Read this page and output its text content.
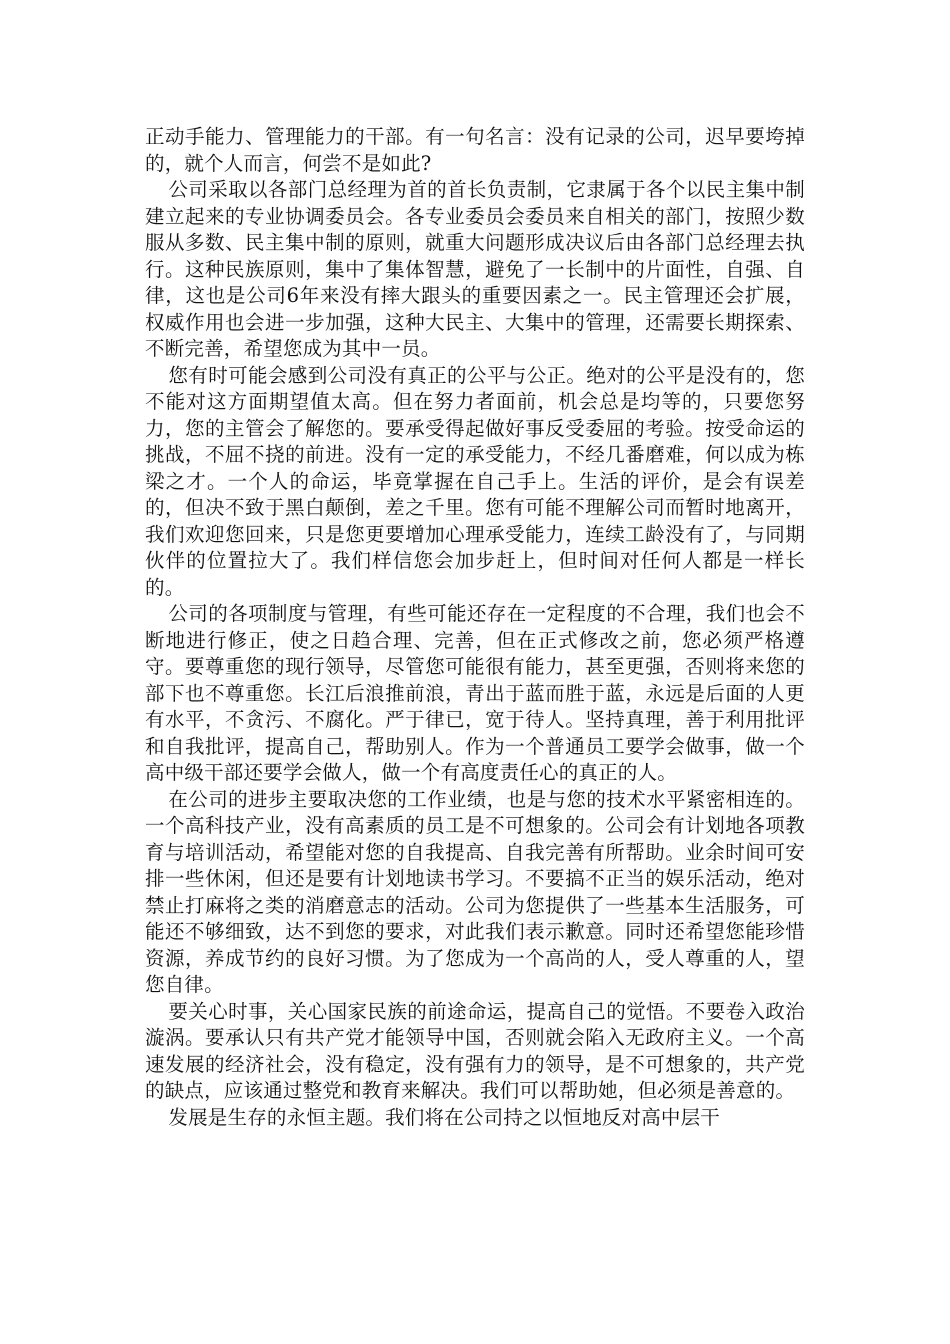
正动手能力、管理能力的干部。有一句名言：没有记录的公司，迟早要垮掉的，就个人而言，何尝不是如此?

公司采取以各部门总经理为首的首长负责制，它隶属于各个以民主集中制建立起来的专业协调委员会。各专业委员会委员来自相关的部门，按照少数服从多数、民主集中制的原则，就重大问题形成决议后由各部门总经理去执行。这种民族原则，集中了集体智慧，避免了一长制中的片面性，自强、自律，这也是公司6年来没有摔大跟头的重要因素之一。民主管理还会扩展，权威作用也会进一步加强，这种大民主、大集中的管理，还需要长期探索、不断完善，希望您成为其中一员。

您有时可能会感到公司没有真正的公平与公正。绝对的公平是没有的，您不能对这方面期望值太高。但在努力者面前，机会总是均等的，只要您努力，您的主管会了解您的。要承受得起做好事反受委屈的考验。按受命运的挑战，不屈不挠的前进。没有一定的承受能力，不经几番磨难，何以成为栋梁之才。一个人的命运，毕竟掌握在自己手上。生活的评价，是会有误差的，但决不致于黑白颠倒，差之千里。您有可能不理解公司而暂时地离开，我们欢迎您回来，只是您更要增加心理承受能力，连续工龄没有了，与同期伙伴的位置拉大了。我们样信您会加步赶上，但时间对任何人都是一样长的。

公司的各项制度与管理，有些可能还存在一定程度的不合理，我们也会不断地进行修正，使之日趋合理、完善，但在正式修改之前，您必须严格遵守。要尊重您的现行领导，尽管您可能很有能力，甚至更强，否则将来您的部下也不尊重您。长江后浪推前浪，青出于蓝而胜于蓝，永远是后面的人更有水平，不贪污、不腐化。严于律已，宽于待人。坚持真理，善于利用批评和自我批评，提高自己，帮助别人。作为一个普通员工要学会做事，做一个高中级干部还要学会做人，做一个有高度责任心的真正的人。

在公司的进步主要取决您的工作业绩，也是与您的技术水平紧密相连的。一个高科技产业，没有高素质的员工是不可想象的。公司会有计划地各项教育与培训活动，希望能对您的自我提高、自我完善有所帮助。业余时间可安排一些休闲，但还是要有计划地读书学习。不要搞不正当的娱乐活动，绝对禁止打麻将之类的消磨意志的活动。公司为您提供了一些基本生活服务，可能还不够细致，达不到您的要求，对此我们表示歉意。同时还希望您能珍惜资源，养成节约的良好习惯。为了您成为一个高尚的人，受人尊重的人，望您自律。

要关心时事，关心国家民族的前途命运，提高自己的觉悟。不要卷入政治漩涡。要承认只有共产党才能领导中国，否则就会陷入无政府主义。一个高速发展的经济社会，没有稳定，没有强有力的领导，是不可想象的，共产党的缺点，应该通过整党和教育来解决。我们可以帮助她，但必须是善意的。

发展是生存的永恒主题。我们将在公司持之以恒地反对高中层干
